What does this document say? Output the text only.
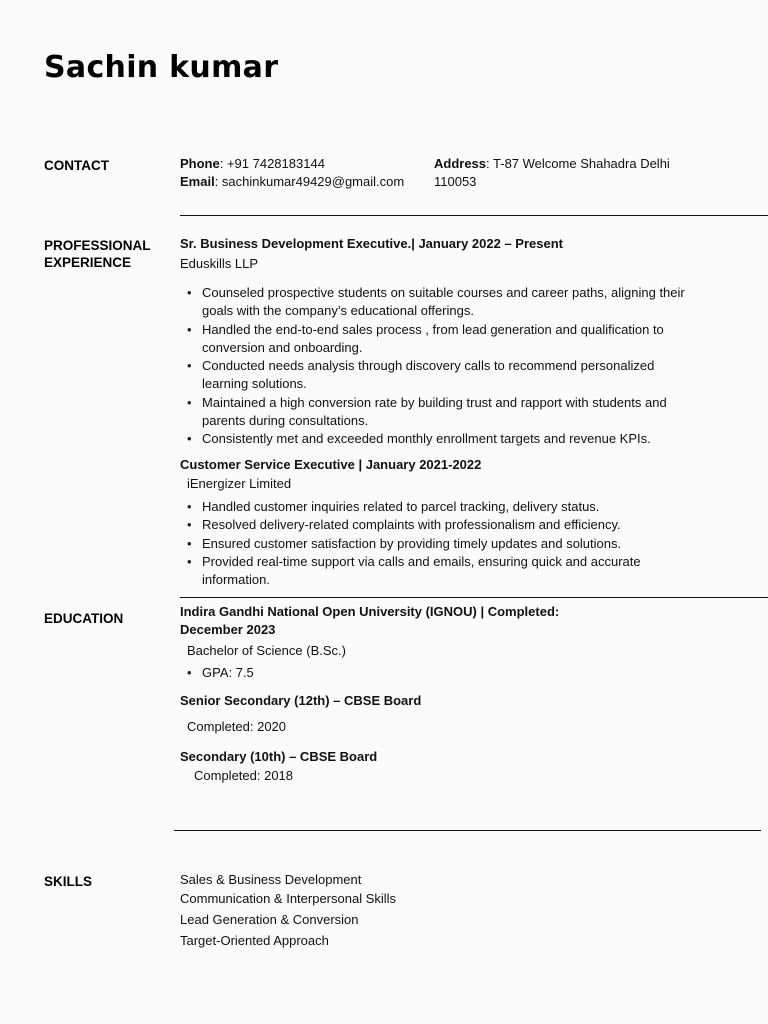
Sachin kumar
CONTACT	Phone: +91 7428183144
Email: sachinkumar49429@gmail.com
Address: T-87 Welcome Shahadra Delhi
110053
PROFESSIONAL EXPERIENCE
Sr. Business Development Executive.| January 2022 – Present
Eduskills LLP
• Counseled prospective students on suitable courses and career paths, aligning their goals with the company’s educational offerings.
• Handled the end-to-end sales process , from lead generation and qualification to conversion and onboarding.
• Conducted needs analysis through discovery calls to recommend personalized learning solutions.
• Maintained a high conversion rate by building trust and rapport with students and parents during consultations.
• Consistently met and exceeded monthly enrollment targets and revenue KPIs.
Customer Service Executive | January 2021-2022
iEnergizer Limited
• Handled customer inquiries related to parcel tracking, delivery status.
• Resolved delivery-related complaints with professionalism and efficiency.
• Ensured customer satisfaction by providing timely updates and solutions.
• Provided real-time support via calls and emails, ensuring quick and accurate information.
EDUCATION	Indira Gandhi National Open University (IGNOU) | Completed:
December 2023
Bachelor of Science (B.Sc.)
• GPA: 7.5
Senior Secondary (12th) – CBSE Board
Completed: 2020
Secondary (10th) – CBSE Board
Completed: 2018
SKILLS	Sales & Business Development
Communication & Interpersonal Skills
Lead Generation & Conversion
Target-Oriented Approach
